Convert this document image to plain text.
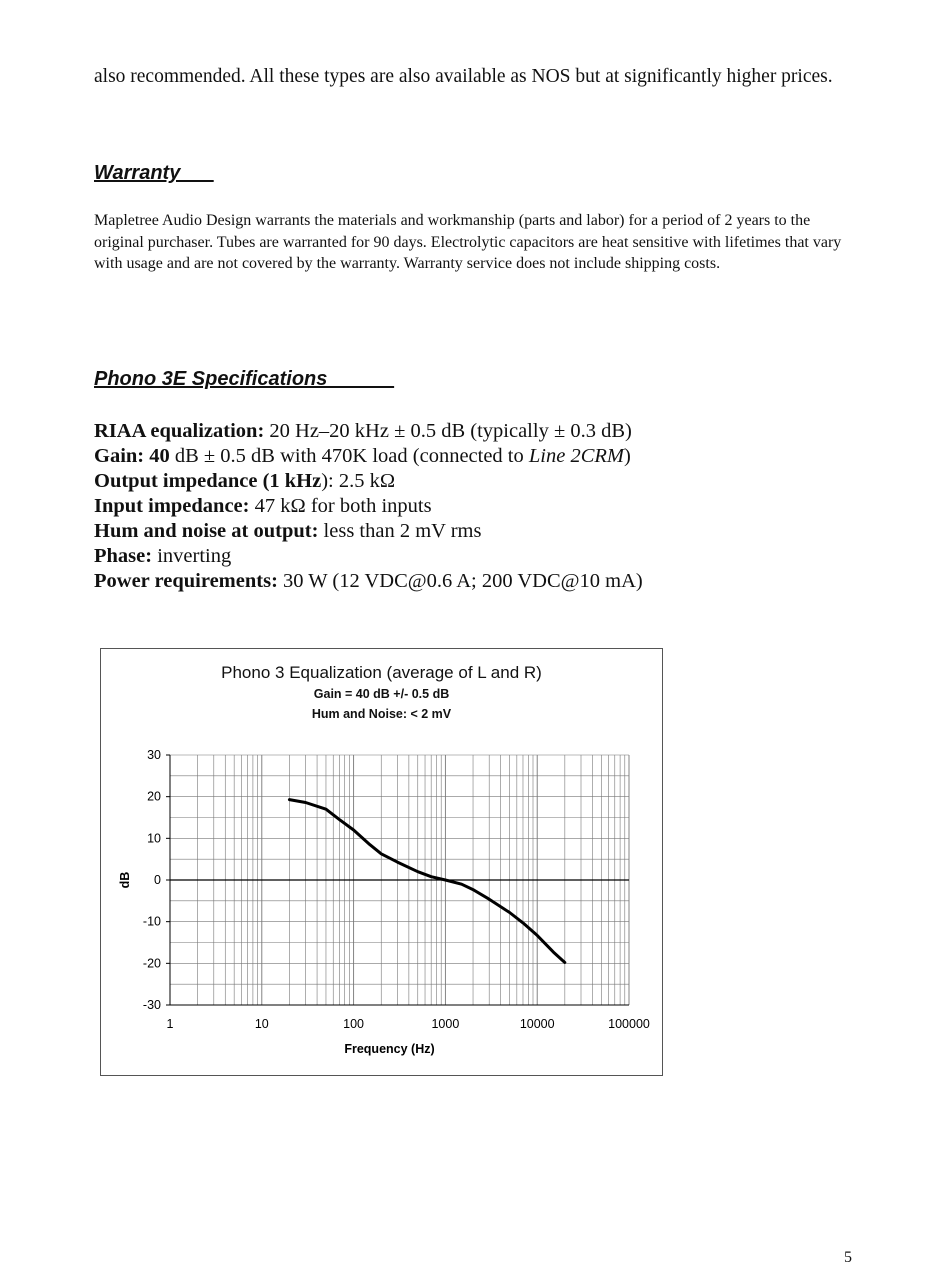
also recommended. All these types are also available as NOS but at significantly higher prices.
Warranty___
Mapletree Audio Design warrants the materials and workmanship (parts and labor) for a period of 2 years to the original purchaser. Tubes are warranted for 90 days. Electrolytic capacitors are heat sensitive with lifetimes that vary with usage and are not covered by the warranty. Warranty service does not include shipping costs.
Phono 3E Specifications______
RIAA equalization: 20 Hz–20 kHz ± 0.5 dB (typically ± 0.3 dB)
Gain: 40 dB ± 0.5 dB with 470K load (connected to Line 2CRM)
Output impedance (1 kHz): 2.5 kΩ
Input impedance: 47 kΩ for both inputs
Hum and noise at output: less than 2 mV rms
Phase: inverting
Power requirements: 30 W (12 VDC@0.6 A; 200 VDC@10 mA)
Phono 3 Equalization (average of L and R)
Gain = 40 dB +/- 0.5 dB
Hum and Noise: < 2 mV
30
20
10
0
-10
-20
-30
1	10	100	1000	10000	100000
Frequency (Hz)
dB
5
